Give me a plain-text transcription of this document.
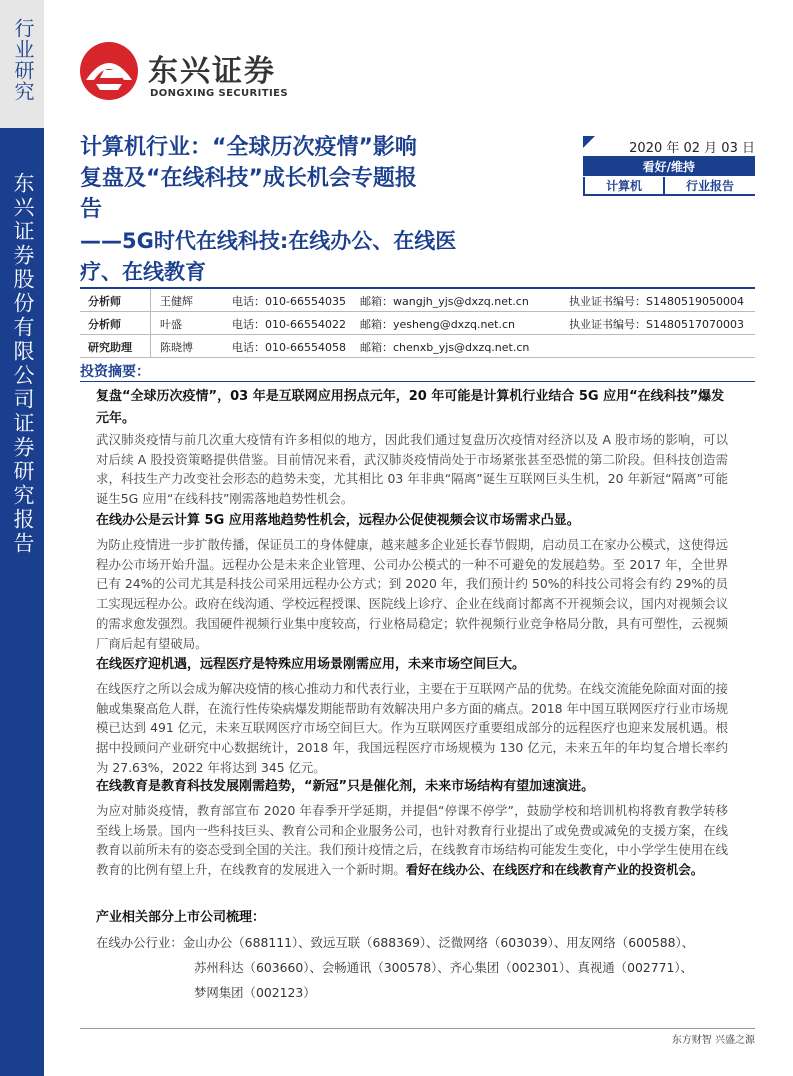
行业研究
东兴证券股份有限公司证券研究报告
东兴证券
DONGXING SECURITIES
计算机行业：“全球历次疫情”影响
复盘及“在线科技”成长机会专题报
告
——5G时代在线科技:在线办公、在线医
疗、在线教育
2020 年 02 月 03 日
看好/维持
计算机	行业报告
分析师	王健辉	电话：010-66554035 邮箱：wangjh_yjs@dxzq.net.cn	执业证书编号：S1480519050004
分析师	叶盛	电话：010-66554022 邮箱：yesheng@dxzq.net.cn	执业证书编号：S1480517070003
研究助理	陈晓博	电话：010-66554058 邮箱：chenxb_yjs@dxzq.net.cn
投资摘要：
复盘“全球历次疫情”，03 年是互联网应用拐点元年，20 年可能是计算机行业结合 5G 应用“在线科技”爆发元年。
武汉肺炎疫情与前几次重大疫情有许多相似的地方，因此我们通过复盘历次疫情对经济以及 A 股市场的影响，可以对后续 A 股投资策略提供借鉴。目前情况来看，武汉肺炎疫情尚处于市场紧张甚至恐慌的第二阶段。但科技创造需求，科技生产力改变社会形态的趋势未变，尤其相比 03 年非典“隔离”诞生互联网巨头生机，20 年新冠“隔离”可能诞生5G 应用“在线科技”刚需落地趋势性机会。
在线办公是云计算 5G 应用落地趋势性机会，远程办公促使视频会议市场需求凸显。
为防止疫情进一步扩散传播，保证员工的身体健康，越来越多企业延长春节假期，启动员工在家办公模式，这使得远程办公市场开始升温。远程办公是未来企业管理、公司办公模式的一种不可避免的发展趋势。至 2017 年，全世界已有 24%的公司尤其是科技公司采用远程办公方式；到 2020 年，我们预计约 50%的科技公司将会有约 29%的员工实现远程办公。政府在线沟通、学校远程授课、医院线上诊疗、企业在线商讨都离不开视频会议，国内对视频会议的需求愈发强烈。我国硬件视频行业集中度较高，行业格局稳定；软件视频行业竞争格局分散，具有可塑性，云视频厂商后起有望破局。
在线医疗迎机遇，远程医疗是特殊应用场景刚需应用，未来市场空间巨大。
在线医疗之所以会成为解决疫情的核心推动力和代表行业，主要在于互联网产品的优势。在线交流能免除面对面的接触或集聚高危人群，在流行性传染病爆发期能帮助有效解决用户多方面的痛点。2018 年中国互联网医疗行业市场规模已达到 491 亿元，未来互联网医疗市场空间巨大。作为互联网医疗重要组成部分的远程医疗也迎来发展机遇。根据中投顾问产业研究中心数据统计，2018 年，我国远程医疗市场规模为 130 亿元，未来五年的年均复合增长率约为 27.63%，2022 年将达到 345 亿元。
在线教育是教育科技发展刚需趋势，“新冠”只是催化剂，未来市场结构有望加速演进。
为应对肺炎疫情，教育部宣布 2020 年春季开学延期，并提倡“停课不停学”，鼓励学校和培训机构将教育教学转移至线上场景。国内一些科技巨头、教育公司和企业服务公司，也针对教育行业提出了或免费或减免的支援方案，在线教育以前所未有的姿态受到全国的关注。我们预计疫情之后，在线教育市场结构可能发生变化，中小学学生使用在线教育的比例有望上升，在线教育的发展进入一个新时期。看好在线办公、在线医疗和在线教育产业的投资机会。
产业相关部分上市公司梳理：
在线办公行业：金山办公（688111）、致远互联（688369）、泛微网络（603039）、用友网络（600588）、
苏州科达（603660）、会畅通讯（300578）、齐心集团（002301）、真视通（002771）、
梦网集团（002123）
东方财智 兴盛之源
